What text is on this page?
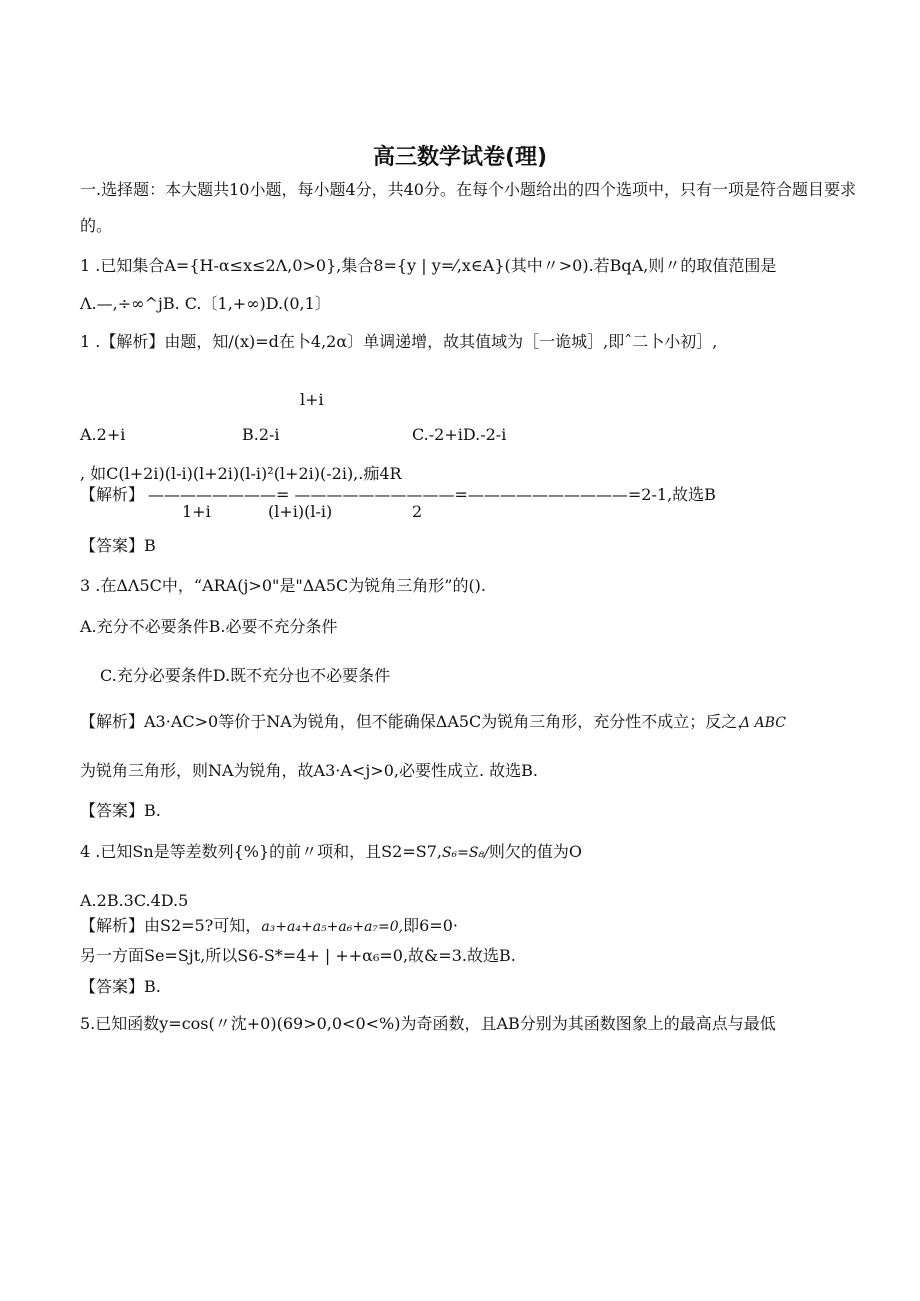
高三数学试卷(理)
一.选择题：本大题共10小题，每小题4分，共40分。在每个小题给出的四个选项中，只有一项是符合题目要求
的。
1 .已知集合A={H-α≤x≤2Λ,0>0},集合8={y | y=⁄,x∈A}(其中〃>0).若BqA,则〃的取值范围是
Λ.—,÷∞^jB. C.〔1,+∞)D.(0,1〕
1 .【解析】由题，知/(x)=d在卜4,2α〕单调递增，故其值域为［一诡城］,即ˆ二卜小初］,
l+i
A.2+i	B.2-i	C.-2+iD.-2-i
, 如C(l+2i)(l-i)(l+2i)(l-i)²(l+2i)(-2i),.痂4R
【解析】 ————————= ——————————=——————————=2-1,故选B
1+i	(l+i)(l-i)	2
【答案】B
3 .在ΔΛ5C中，“ARA(j>0"是"ΔA5C为锐角三角形”的().
A.充分不必要条件B.必要不充分条件
C.充分必要条件D.既不充分也不必要条件
【解析】A3·AC>0等价于NA为锐角，但不能确保ΔA5C为锐角三角形，充分性不成立；反之，
Δ ABC
为锐角三角形，则NA为锐角，故A3·A<j>0,必要性成立. 故选B.
【答案】B.
4 .已知Sn是等差数列{%}的前〃项和，且S2=S7,S₆=S₈/则欠的值为O
A.2B.3C.4D.5
【解析】由S2=5?可知，a₃+a₄+a₅+a₆+a₇=0,即6=0·
另一方面Se=Sjt,所以S6-S*=4+ | ++α₆=0,故&=3.故选B.
【答案】B.
5.已知函数y=cos(〃沈+0)(69>0,0<0<%)为奇函数，且AB分别为其函数图象上的最高点与最低
